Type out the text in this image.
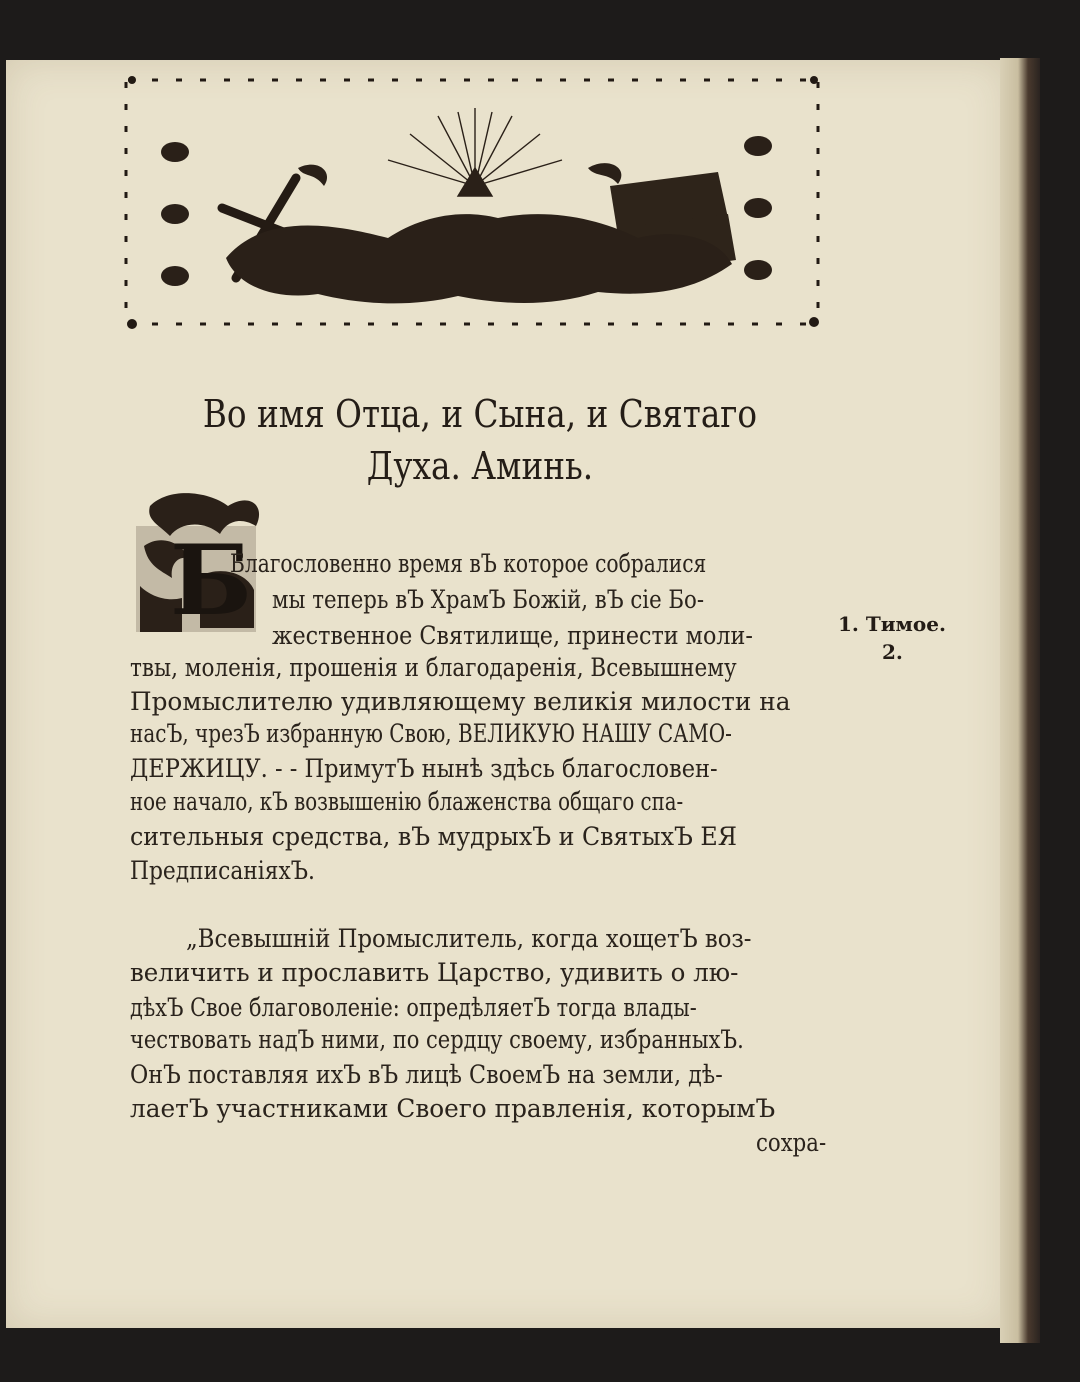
Во имя Отца, и Сына, и Святаго
Духа. Аминь.
Б
Благословенно время вЪ которое собралися
мы теперь вЪ ХрамЪ Божій, вЪ сіе Бо-
жественное Святилище, принести моли-
твы, моленія, прошенія и благодаренія, Всевышнему
Промыслителю удивляющему великія милости на
насЪ, чрезЪ избранную Свою, ВЕЛИКУЮ НАШУ САМО-
ДЕРЖИЦУ. - - ПримутЪ нынѣ здѣсь благословен-
ное начало, кЪ возвышенію блаженства общаго спа-
сительныя средства, вЪ мудрыхЪ и СвятыхЪ ЕЯ
ПредписаніяхЪ.
„Всевышній Промыслитель, когда хощетЪ воз-
величить и прославить Царство, удивить о лю-
дѣхЪ Свое благоволеніе: опредѣляетЪ тогда влады-
чествовать надЪ ними, по сердцу своему, избранныхЪ.
ОнЪ поставляя ихЪ вЪ лицѣ СвоемЪ на земли, дѣ-
лаетЪ участниками Своего правленія, которымЪ
сохра-
1. Тимое.
2.
